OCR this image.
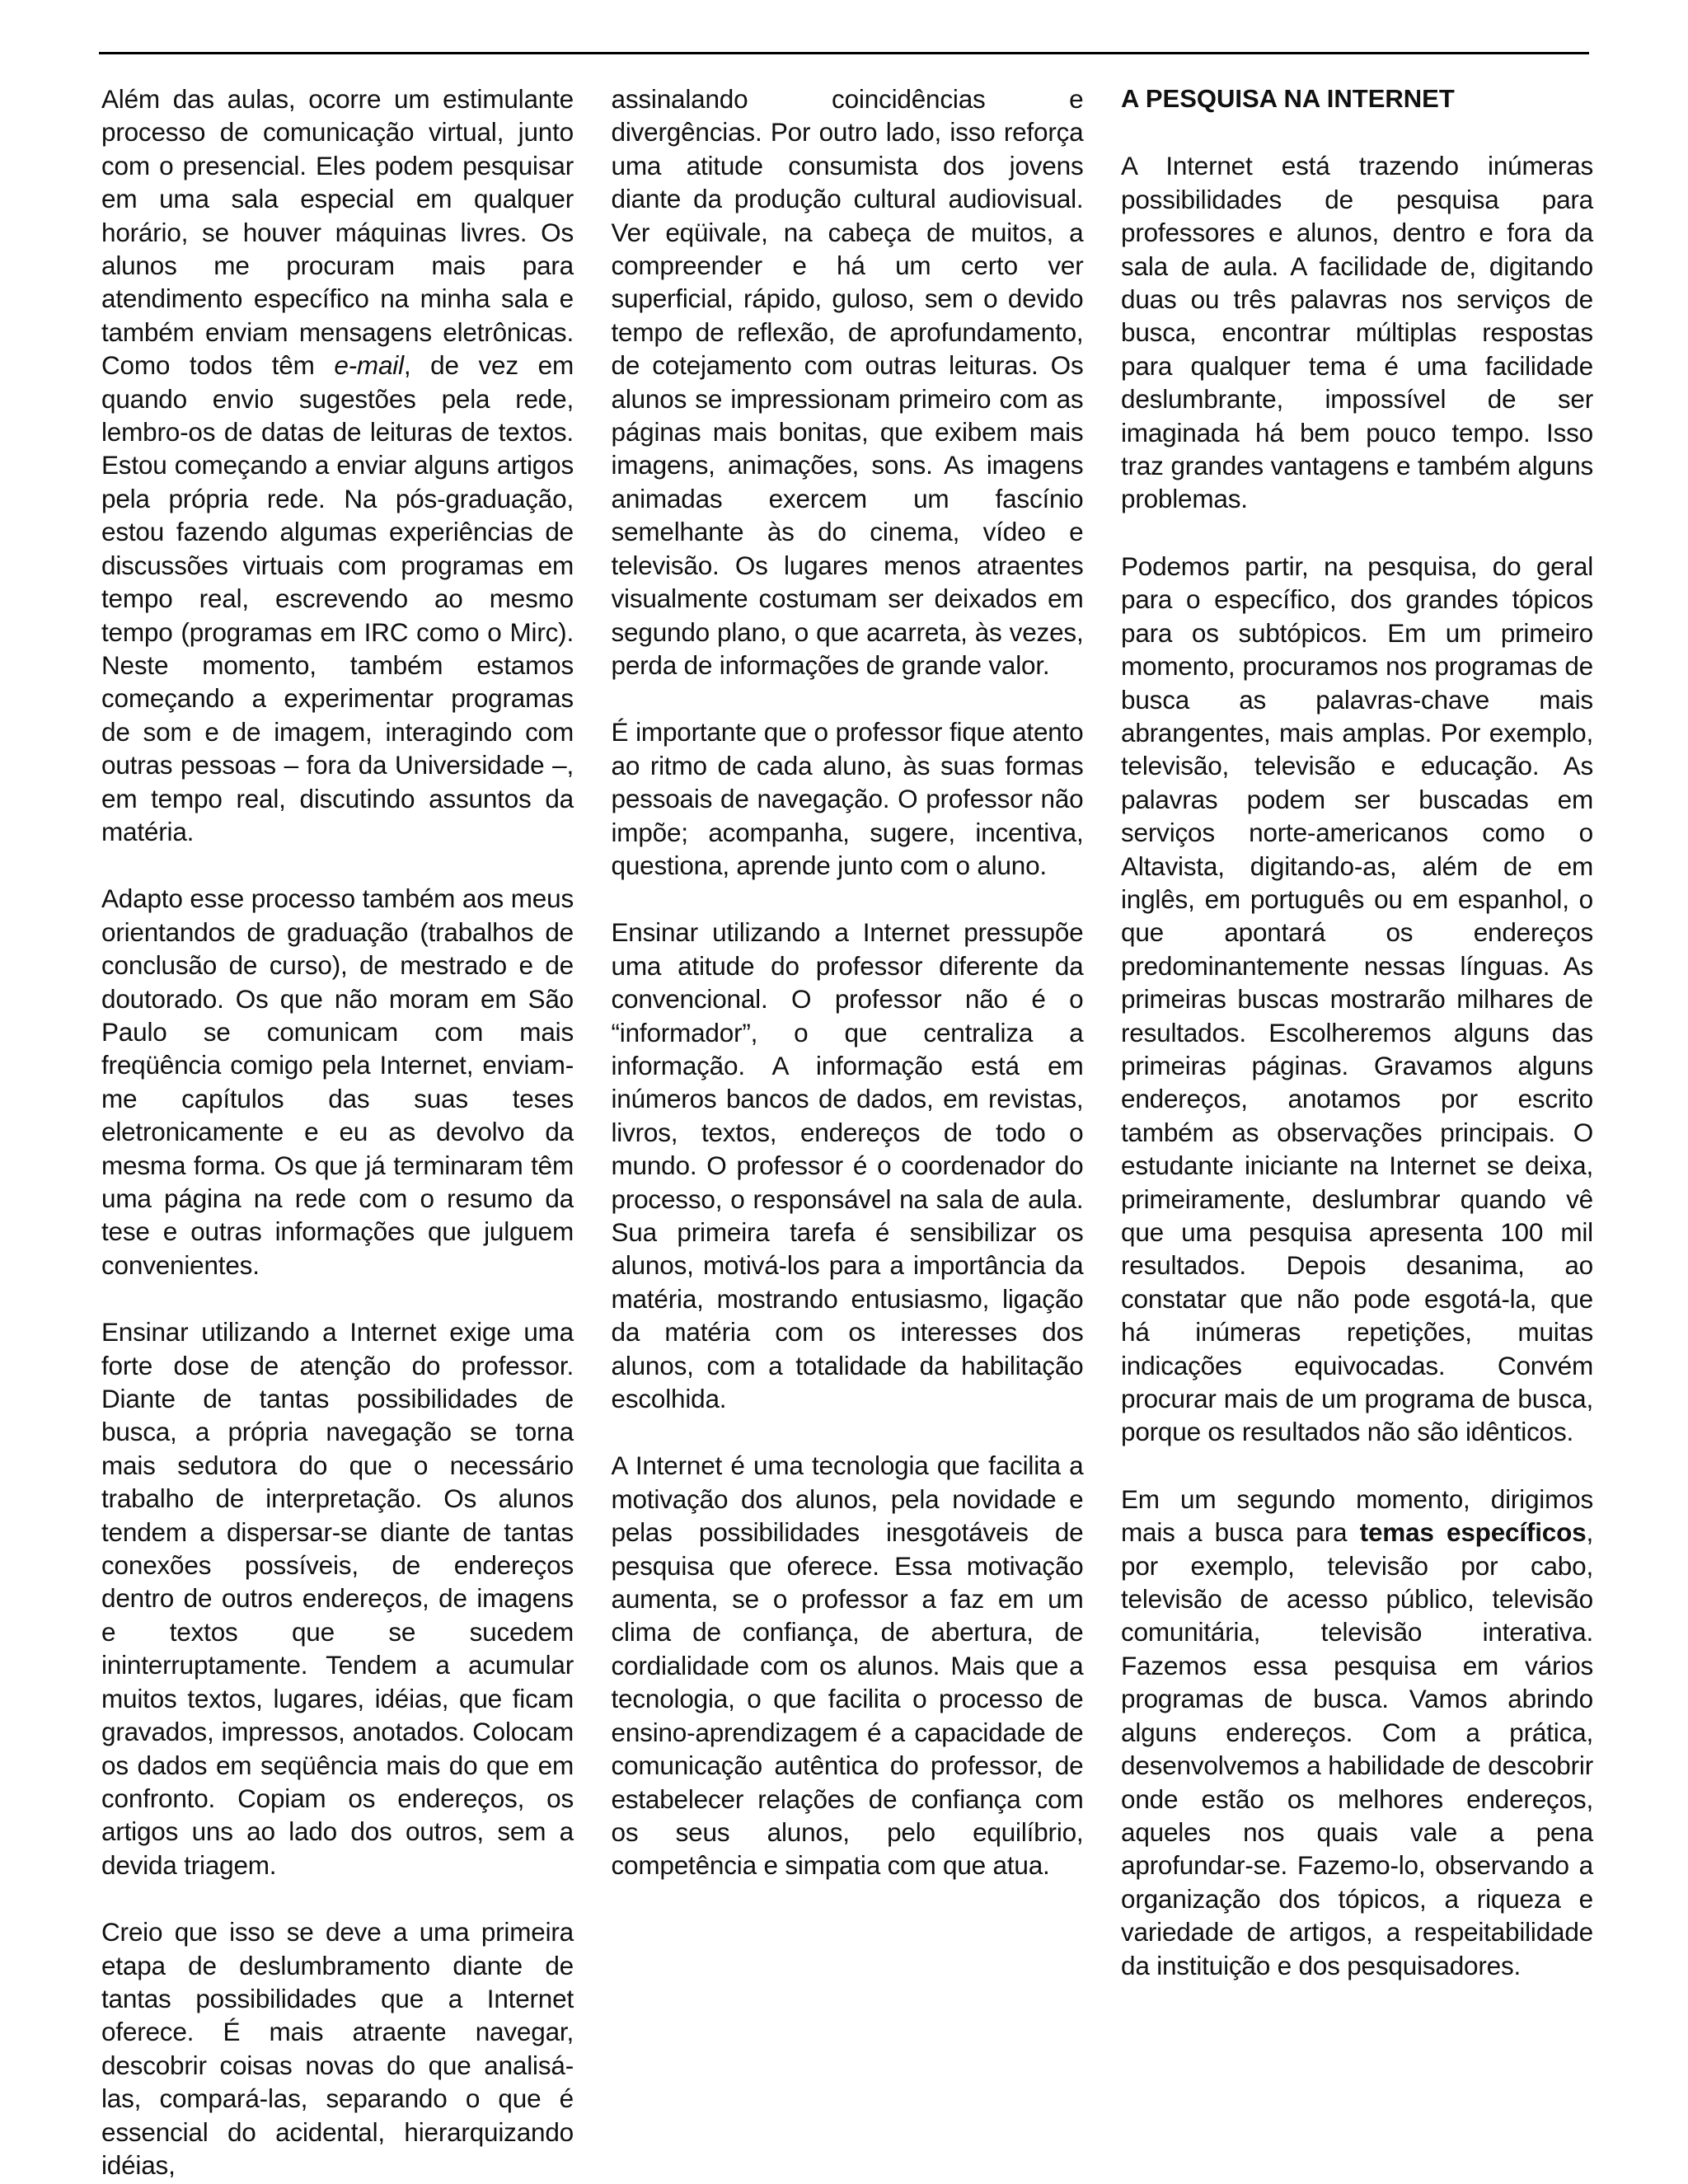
Além das aulas, ocorre um estimulante processo de comunicação virtual, junto com o presencial. Eles podem pesquisar em uma sala especial em qualquer horário, se houver máquinas livres. Os alunos me procuram mais para atendimento específico na minha sala e também enviam mensagens eletrônicas. Como todos têm e-mail, de vez em quando envio sugestões pela rede, lembro-os de datas de leituras de textos. Estou começando a enviar alguns artigos pela própria rede. Na pós-graduação, estou fazendo algumas experiências de discussões virtuais com programas em tempo real, escrevendo ao mesmo tempo (programas em IRC como o Mirc). Neste momento, também estamos começando a experimentar programas de som e de imagem, interagindo com outras pessoas – fora da Universidade –, em tempo real, discutindo assuntos da matéria.

Adapto esse processo também aos meus orientandos de graduação (trabalhos de conclusão de curso), de mestrado e de doutorado. Os que não moram em São Paulo se comunicam com mais freqüência comigo pela Internet, enviam-me capítulos das suas teses eletronicamente e eu as devolvo da mesma forma. Os que já terminaram têm uma página na rede com o resumo da tese e outras informações que julguem convenientes.

Ensinar utilizando a Internet exige uma forte dose de atenção do professor. Diante de tantas possibilidades de busca, a própria navegação se torna mais sedutora do que o necessário trabalho de interpretação. Os alunos tendem a dispersar-se diante de tantas conexões possíveis, de endereços dentro de outros endereços, de imagens e textos que se sucedem ininterruptamente. Tendem a acumular muitos textos, lugares, idéias, que ficam gravados, impressos, anotados. Colocam os dados em seqüência mais do que em confronto. Copiam os endereços, os artigos uns ao lado dos outros, sem a devida triagem.

Creio que isso se deve a uma primeira etapa de deslumbramento diante de tantas possibilidades que a Internet oferece. É mais atraente navegar, descobrir coisas novas do que analisá-las, compará-las, separando o que é essencial do acidental, hierarquizando idéias,

assinalando coincidências e divergências. Por outro lado, isso reforça uma atitude consumista dos jovens diante da produção cultural audiovisual. Ver eqüivale, na cabeça de muitos, a compreender e há um certo ver superficial, rápido, guloso, sem o devido tempo de reflexão, de aprofundamento, de cotejamento com outras leituras. Os alunos se impressionam primeiro com as páginas mais bonitas, que exibem mais imagens, animações, sons. As imagens animadas exercem um fascínio semelhante às do cinema, vídeo e televisão. Os lugares menos atraentes visualmente costumam ser deixados em segundo plano, o que acarreta, às vezes, perda de informações de grande valor.

É importante que o professor fique atento ao ritmo de cada aluno, às suas formas pessoais de navegação. O professor não impõe; acompanha, sugere, incentiva, questiona, aprende junto com o aluno.

Ensinar utilizando a Internet pressupõe uma atitude do professor diferente da convencional. O professor não é o “informador”, o que centraliza a informação. A informação está em inúmeros bancos de dados, em revistas, livros, textos, endereços de todo o mundo. O professor é o coordenador do processo, o responsável na sala de aula. Sua primeira tarefa é sensibilizar os alunos, motivá-los para a importância da matéria, mostrando entusiasmo, ligação da matéria com os interesses dos alunos, com a totalidade da habilitação escolhida.

A Internet é uma tecnologia que facilita a motivação dos alunos, pela novidade e pelas possibilidades inesgotáveis de pesquisa que oferece. Essa motivação aumenta, se o professor a faz em um clima de confiança, de abertura, de cordialidade com os alunos. Mais que a tecnologia, o que facilita o processo de ensino-aprendizagem é a capacidade de comunicação autêntica do professor, de estabelecer relações de confiança com os seus alunos, pelo equilíbrio, competência e simpatia com que atua.

A PESQUISA NA INTERNET

A Internet está trazendo inúmeras possibilidades de pesquisa para professores e alunos, dentro e fora da sala de aula. A facilidade de, digitando duas ou três palavras nos serviços de busca, encontrar múltiplas respostas para qualquer tema é uma facilidade deslumbrante, impossível de ser imaginada há bem pouco tempo. Isso traz grandes vantagens e também alguns problemas.

Podemos partir, na pesquisa, do geral para o específico, dos grandes tópicos para os subtópicos. Em um primeiro momento, procuramos nos programas de busca as palavras-chave mais abrangentes, mais amplas. Por exemplo, televisão, televisão e educação. As palavras podem ser buscadas em serviços norte-americanos como o Altavista, digitando-as, além de em inglês, em português ou em espanhol, o que apontará os endereços predominantemente nessas línguas. As primeiras buscas mostrarão milhares de resultados. Escolheremos alguns das primeiras páginas. Gravamos alguns endereços, anotamos por escrito também as observações principais. O estudante iniciante na Internet se deixa, primeiramente, deslumbrar quando vê que uma pesquisa apresenta 100 mil resultados. Depois desanima, ao constatar que não pode esgotá-la, que há inúmeras repetições, muitas indicações equivocadas. Convém procurar mais de um programa de busca, porque os resultados não são idênticos.

Em um segundo momento, dirigimos mais a busca para temas específicos, por exemplo, televisão por cabo, televisão de acesso público, televisão comunitária, televisão interativa. Fazemos essa pesquisa em vários programas de busca. Vamos abrindo alguns endereços. Com a prática, desenvolvemos a habilidade de descobrir onde estão os melhores endereços, aqueles nos quais vale a pena aprofundar-se. Fazemo-lo, observando a organização dos tópicos, a riqueza e variedade de artigos, a respeitabilidade da instituição e dos pesquisadores.
